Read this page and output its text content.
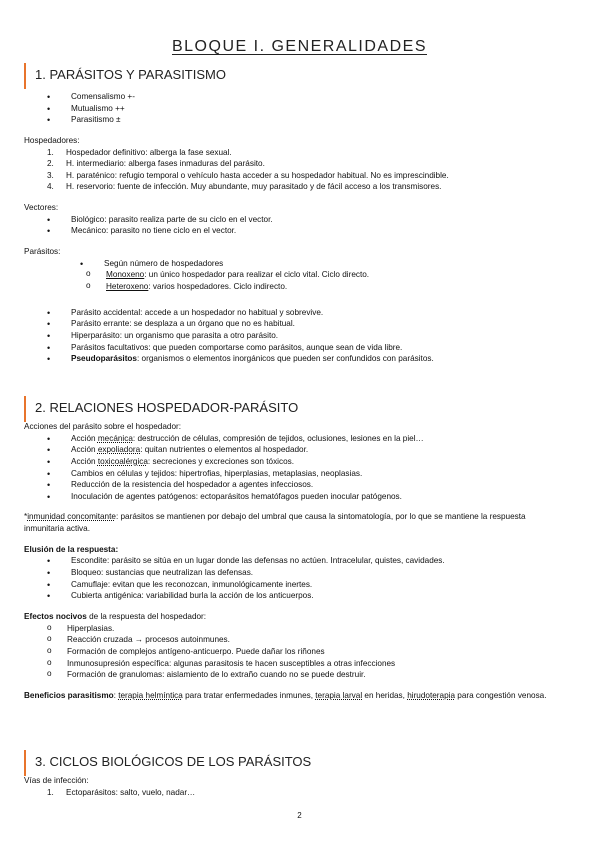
BLOQUE I. GENERALIDADES
1. PARÁSITOS Y PARASITISMO
• Comensalismo +-
• Mutualismo ++
• Parasitismo ±
Hospedadores:
1. Hospedador definitivo: alberga la fase sexual.
2. H. intermediario: alberga fases inmaduras del parásito.
3. H. paraténico: refugio temporal o vehículo hasta acceder a su hospedador habitual. No es imprescindible.
4. H. reservorio: fuente de infección. Muy abundante, muy parasitado y de fácil acceso a los transmisores.
Vectores:
• Biológico: parasito realiza parte de su ciclo en el vector.
• Mecánico: parasito no tiene ciclo en el vector.
Parásitos:
• Según número de hospedadores
o Monoxeno: un único hospedador para realizar el ciclo vital. Ciclo directo.
o Heteroxeno: varios hospedadores. Ciclo indirecto.
• Parásito accidental: accede a un hospedador no habitual y sobrevive.
• Parásito errante: se desplaza a un órgano que no es habitual.
• Hiperparásito: un organismo que parasita a otro parásito.
• Parásitos facultativos: que pueden comportarse como parásitos, aunque sean de vida libre.
• Pseudoparásitos: organismos o elementos inorgánicos que pueden ser confundidos con parásitos.
2. RELACIONES HOSPEDADOR-PARÁSITO
Acciones del parásito sobre el hospedador:
• Acción mecánica: destrucción de células, compresión de tejidos, oclusiones, lesiones en la piel…
• Acción expoliadora: quitan nutrientes o elementos al hospedador.
• Acción toxicoalérgica: secreciones y excreciones son tóxicos.
• Cambios en células y tejidos: hipertrofias, hiperplasias, metaplasias, neoplasias.
• Reducción de la resistencia del hospedador a agentes infecciosos.
• Inoculación de agentes patógenos: ectoparásitos hematófagos pueden inocular patógenos.
*inmunidad concomitante: parásitos se mantienen por debajo del umbral que causa la sintomatología, por lo que se mantiene la respuesta inmunitaria activa.
Elusión de la respuesta:
• Escondite: parásito se sitúa en un lugar donde las defensas no actúen. Intracelular, quistes, cavidades.
• Bloqueo: sustancias que neutralizan las defensas.
• Camuflaje: evitan que les reconozcan, inmunológicamente inertes.
• Cubierta antigénica: variabilidad burla la acción de los anticuerpos.
Efectos nocivos de la respuesta del hospedador:
o Hiperplasias.
o Reacción cruzada → procesos autoinmunes.
o Formación de complejos antígeno-anticuerpo. Puede dañar los riñones
o Inmunosupresión específica: algunas parasitosis te hacen susceptibles a otras infecciones
o Formación de granulomas: aislamiento de lo extraño cuando no se puede destruir.
Beneficios parasitismo: terapia helmíntica para tratar enfermedades inmunes, terapia larval en heridas, hirudoterapia para congestión venosa.
3. CICLOS BIOLÓGICOS DE LOS PARÁSITOS
Vías de infección:
1. Ectoparásitos: salto, vuelo, nadar…
2
